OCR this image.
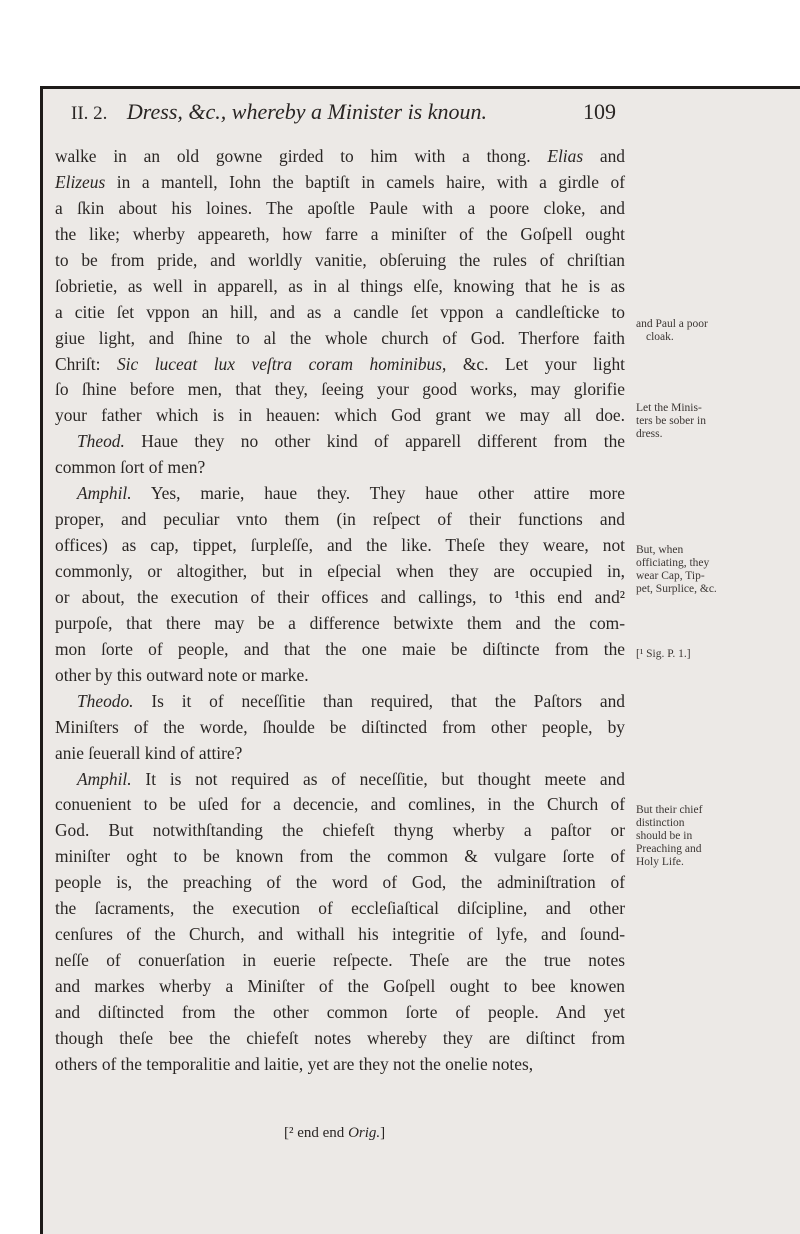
II. 2. Dress, &c., whereby a Minister is knoun.	109
walke in an old gowne girded to him with a thong. Elias and
Elizeus in a mantell, Iohn the baptiſt in camels haire, with a girdle of
a ſkin about his loines. The apoſtle Paule with a poore cloke, and
the like; wherby appeareth, how farre a miniſter of the Goſpell ought
to be from pride, and worldly vanitie, obſeruing the rules of chriſtian
ſobrietie, as well in apparell, as in al things elſe, knowing that he is as
a citie ſet vppon an hill, and as a candle ſet vppon a candleſticke to
giue light, and ſhine to al the whole church of God. Therfore faith
Chriſt: Sic luceat lux veſtra coram hominibus, &c. Let your light
ſo ſhine before men, that they, ſeeing your good works, may glorifie
your father which is in heauen: which God grant we may all doe.
Theod. Haue they no other kind of apparell different from the
common ſort of men?
Amphil. Yes, marie, haue they. They haue other attire more
proper, and peculiar vnto them (in reſpect of their functions and
offices) as cap, tippet, ſurpleſſe, and the like. Theſe they weare, not
commonly, or altogither, but in eſpecial when they are occupied in,
or about, the execution of their offices and callings, to ¹this end and²
purpoſe, that there may be a difference betwixte them and the com-
mon ſorte of people, and that the one maie be diſtincte from the
other by this outward note or marke.
Theodo. Is it of neceſſitie than required, that the Paſtors and
Miniſters of the worde, ſhoulde be diſtincted from other people, by
anie ſeuerall kind of attire?
Amphil. It is not required as of neceſſitie, but thought meete and
conuenient to be uſed for a decencie, and comlines, in the Church of
God. But notwithſtanding the chiefeſt thyng wherby a paſtor or
miniſter oght to be known from the common & vulgare ſorte of
people is, the preaching of the word of God, the adminiſtration of
the ſacraments, the execution of eccleſiaſtical diſcipline, and other
cenſures of the Church, and withall his integritie of lyfe, and ſound-
neſſe of conuerſation in euerie reſpecte. Theſe are the true notes
and markes wherby a Miniſter of the Goſpell ought to bee knowen
and diſtincted from the other common ſorte of people. And yet
though theſe bee the chiefeſt notes whereby they are diſtinct from
others of the temporalitie and laitie, yet are they not the onelie notes,
and Paul a poor
cloak.
Let the Minis-
ters be sober in
dress.
But, when
officiating, they
wear Cap, Tip-
pet, Surplice, &c.
[¹ Sig. P. 1.]
But their chief
distinction
should be in
Preaching and
Holy Life.
[² end end Orig.]
